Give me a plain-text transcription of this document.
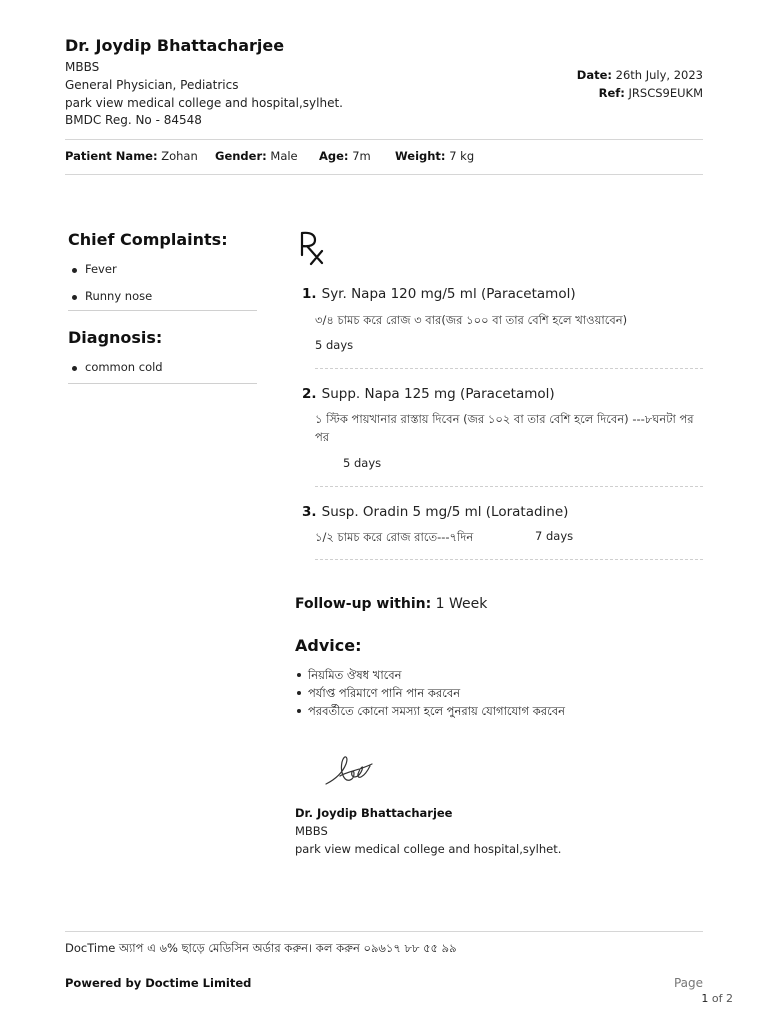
Dr. Joydip Bhattacharjee
MBBS
General Physician, Pediatrics
park view medical college and hospital,sylhet.
BMDC Reg. No - 84548
Date: 26th July, 2023
Ref: JRSCS9EUKM
Patient Name: Zohan Gender: Male Age: 7m Weight: 7 kg
Chief Complaints:
Fever
Runny nose
Diagnosis:
common cold
1. Syr. Napa 120 mg/5 ml (Paracetamol)
৩/৪ চামচ করে রোজ ৩ বার(জর ১০০ বা তার বেশি হলে খাওয়াবেন)
5 days
2. Supp. Napa 125 mg (Paracetamol)
১ স্টিক পায়খানার রাস্তায় দিবেন (জর ১০২ বা তার বেশি হলে দিবেন) ---৮ঘনটা পর পর
5 days
3. Susp. Oradin 5 mg/5 ml (Loratadine)
১/২ চামচ করে রোজ রাতে---৭দিন	7 days
Follow-up within: 1 Week
Advice:
নিয়মিত ঔষধ খাবেন
পর্যাপ্ত পরিমাণে পানি পান করবেন
পরবর্তীতে কোনো সমস্যা হলে পুনরায় যোগাযোগ করবেন
Dr. Joydip Bhattacharjee
MBBS
park view medical college and hospital,sylhet.
DocTime অ্যাপ এ ৬% ছাড়ে মেডিসিন অর্ডার করুন। কল করুন ০৯৬১৭ ৮৮ ৫৫ ৯৯
Powered by Doctime Limited	Page
1 of 2
